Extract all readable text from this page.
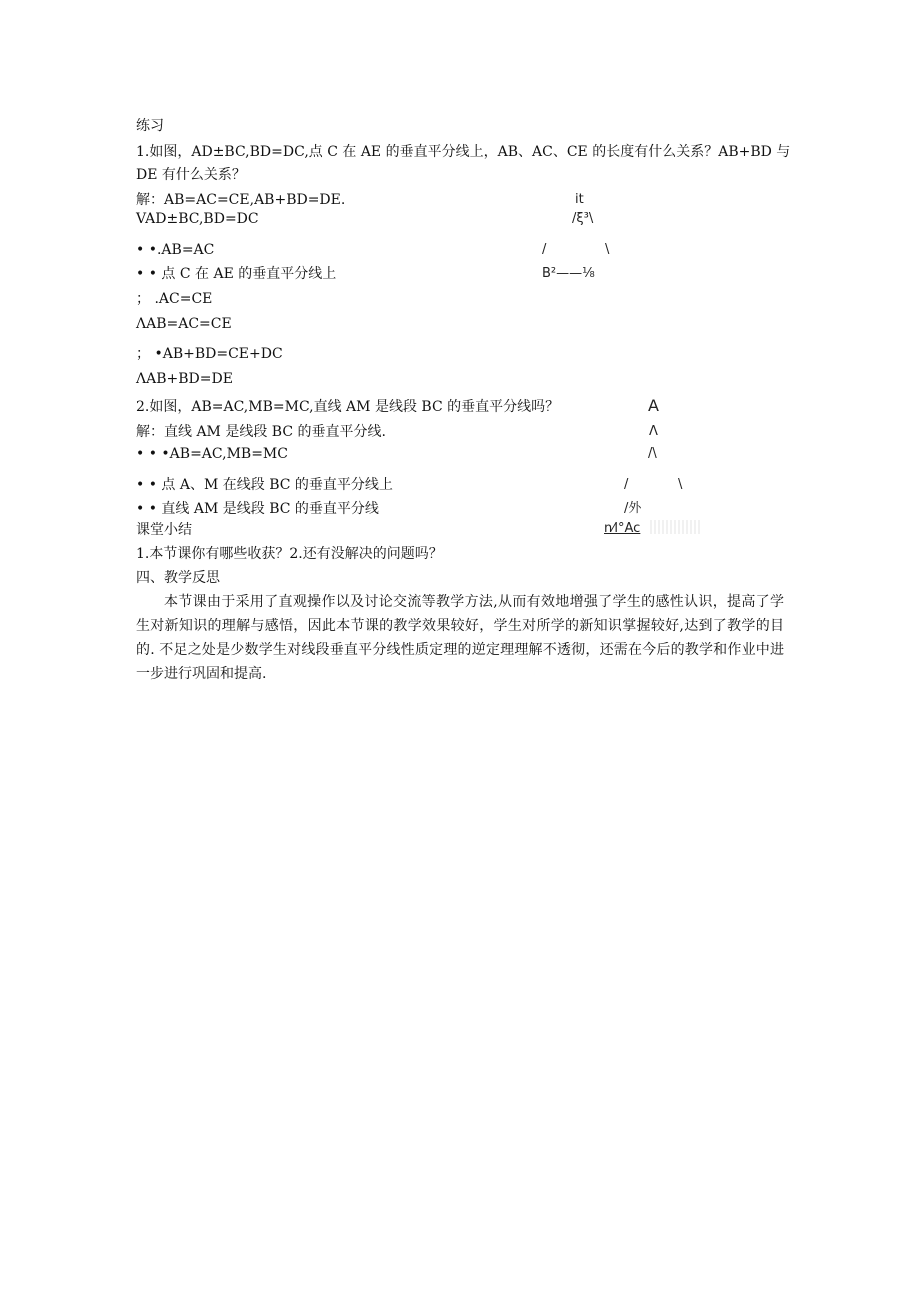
练习
1.如图，AD±BC,BD=DC,点 C 在 AE 的垂直平分线上，AB、AC、CE 的长度有什么关系？AB+BD 与
DE 有什么关系？
解：AB=AC=CE,AB+BD=DE.
VAD±BC,BD=DC
• •.AB=AC
• • 点 C 在 AE 的垂直平分线上
； .AC=CE
ΛAB=AC=CE
； •AB+BD=CE+DC
ΛAB+BD=DE
it
/ξ³\
/	\
B²——⅛
2.如图，AB=AC,MB=MC,直线 AM 是线段 BC 的垂直平分线吗？
解：直线 AM 是线段 BC 的垂直平分线.
• • •AB=AC,MB=MC
• • 点 A、M 在线段 BC 的垂直平分线上
• • 直线 AM 是线段 BC 的垂直平分线
A
Λ
/\
/	\
/外
n⁄l°Ac
课堂小结
1.本节课你有哪些收获？2.还有没解决的问题吗？
四、教学反思
本节课由于采用了直观操作以及讨论交流等教学方法,从而有效地增强了学生的感性认识，提高了学生对新知识的理解与感悟，因此本节课的教学效果较好，学生对所学的新知识掌握较好,达到了教学的目的. 不足之处是少数学生对线段垂直平分线性质定理的逆定理理解不透彻，还需在今后的教学和作业中进一步进行巩固和提高.
